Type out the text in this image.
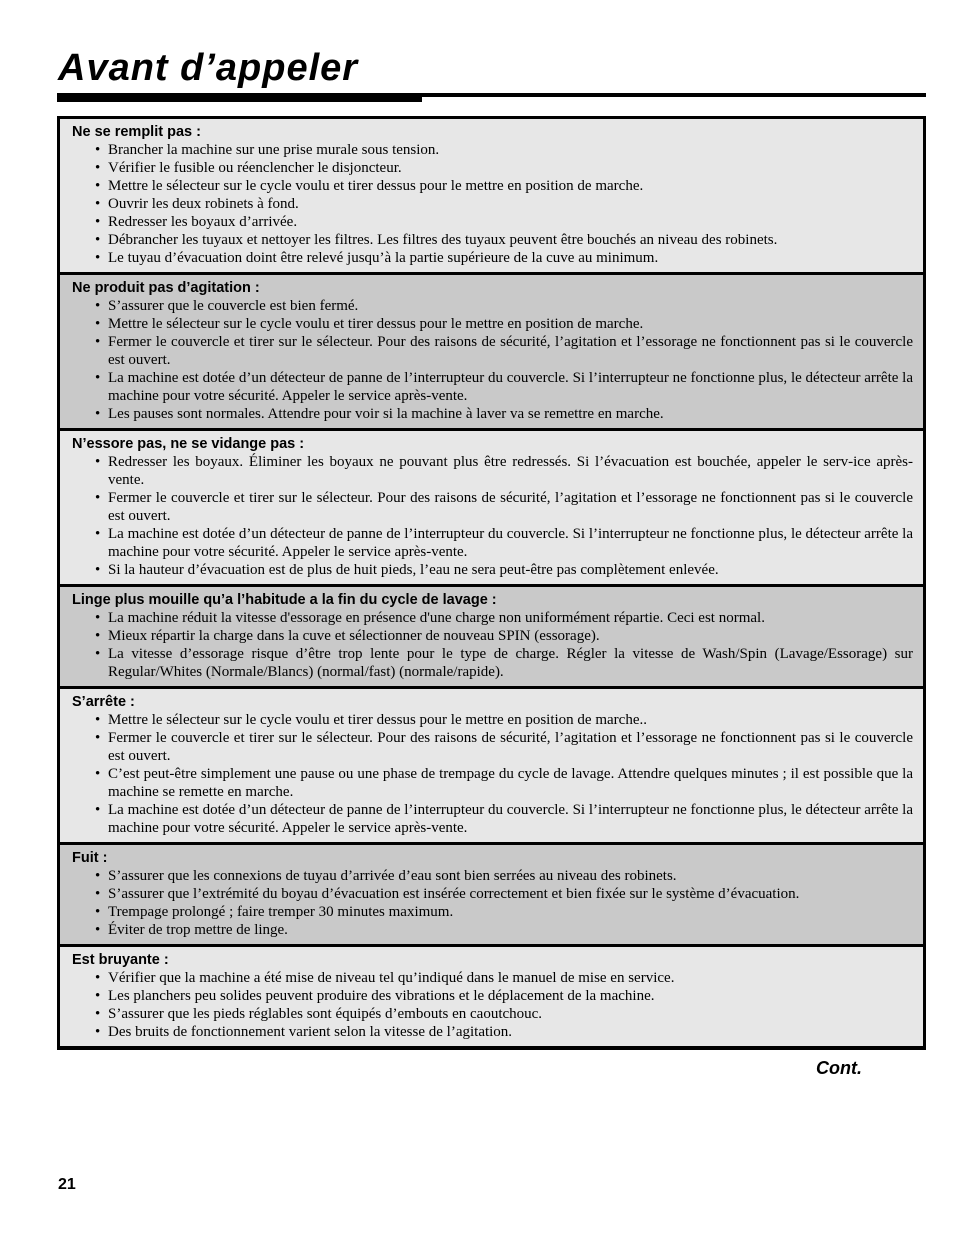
Avant d’appeler
Ne se remplit pas :
• Brancher la machine sur une prise murale sous tension.
• Vérifier le fusible ou réenclencher le disjoncteur.
• Mettre le sélecteur sur le cycle voulu et tirer dessus pour le mettre en position de marche.
• Ouvrir les deux robinets à fond.
• Redresser les boyaux d’arrivée.
• Débrancher les tuyaux et nettoyer les filtres. Les filtres des tuyaux peuvent être bouchés an niveau des robinets.
• Le tuyau d’évacuation doint être relevé jusqu’à la partie supérieure de la cuve au minimum.
Ne produit pas d’agitation :
• S’assurer que le couvercle est bien fermé.
• Mettre le sélecteur sur le cycle voulu et tirer dessus pour le mettre en position de marche.
• Fermer le couvercle et tirer sur le sélecteur. Pour des raisons de sécurité, l’agitation et l’essorage ne fonctionnent pas si le couvercle est ouvert.
• La machine est dotée d’un détecteur de panne de l’interrupteur du couvercle. Si l’interrupteur ne fonctionne plus, le détecteur arrête la machine pour votre sécurité. Appeler le service après-vente.
• Les pauses sont normales. Attendre pour voir si la machine à laver va se remettre en marche.
N’essore pas, ne se vidange pas :
• Redresser les boyaux. Éliminer les boyaux ne pouvant plus être redressés. Si l’évacuation est bouchée, appeler le serv-ice après-vente.
• Fermer le couvercle et tirer sur le sélecteur. Pour des raisons de sécurité, l’agitation et l’essorage ne fonctionnent pas si le couvercle est ouvert.
• La machine est dotée d’un détecteur de panne de l’interrupteur du couvercle. Si l’interrupteur ne fonctionne plus, le détecteur arrête la machine pour votre sécurité. Appeler le service après-vente.
• Si la hauteur d’évacuation est de plus de huit pieds, l’eau ne sera peut-être pas complètement enlevée.
Linge plus mouille qu’a l’habitude a la fin du cycle de lavage :
• La machine réduit la vitesse d'essorage en présence d'une charge non uniformément répartie. Ceci est normal.
• Mieux répartir la charge dans la cuve et sélectionner de nouveau SPIN (essorage).
• La vitesse d’essorage risque d’être trop lente pour le type de charge. Régler la vitesse de Wash/Spin (Lavage/Essorage) sur Regular/Whites (Normale/Blancs) (normal/fast) (normale/rapide).
S’arrête :
• Mettre le sélecteur sur le cycle voulu et tirer dessus pour le mettre en position de marche..
• Fermer le couvercle et tirer sur le sélecteur. Pour des raisons de sécurité, l’agitation et l’essorage ne fonctionnent pas si le couvercle est ouvert.
• C’est peut-être simplement une pause ou une phase de trempage du cycle de lavage. Attendre quelques minutes ; il est possible que la machine se remette en marche.
• La machine est dotée d’un détecteur de panne de l’interrupteur du couvercle. Si l’interrupteur ne fonctionne plus, le détecteur arrête la machine pour votre sécurité. Appeler le service après-vente.
Fuit :
• S’assurer que les connexions de tuyau d’arrivée d’eau sont bien serrées au niveau des robinets.
• S’assurer que l’extrémité du boyau d’évacuation est insérée correctement et bien fixée sur le système d’évacuation.
• Trempage prolongé ; faire tremper 30 minutes maximum.
• Éviter de trop mettre de linge.
Est bruyante :
• Vérifier que la machine a été mise de niveau tel qu’indiqué dans le manuel de mise en service.
• Les planchers peu solides peuvent produire des vibrations et le déplacement de la machine.
• S’assurer que les pieds réglables sont équipés d’embouts en caoutchouc.
• Des bruits de fonctionnement varient selon la vitesse de l’agitation.
Cont.
21
